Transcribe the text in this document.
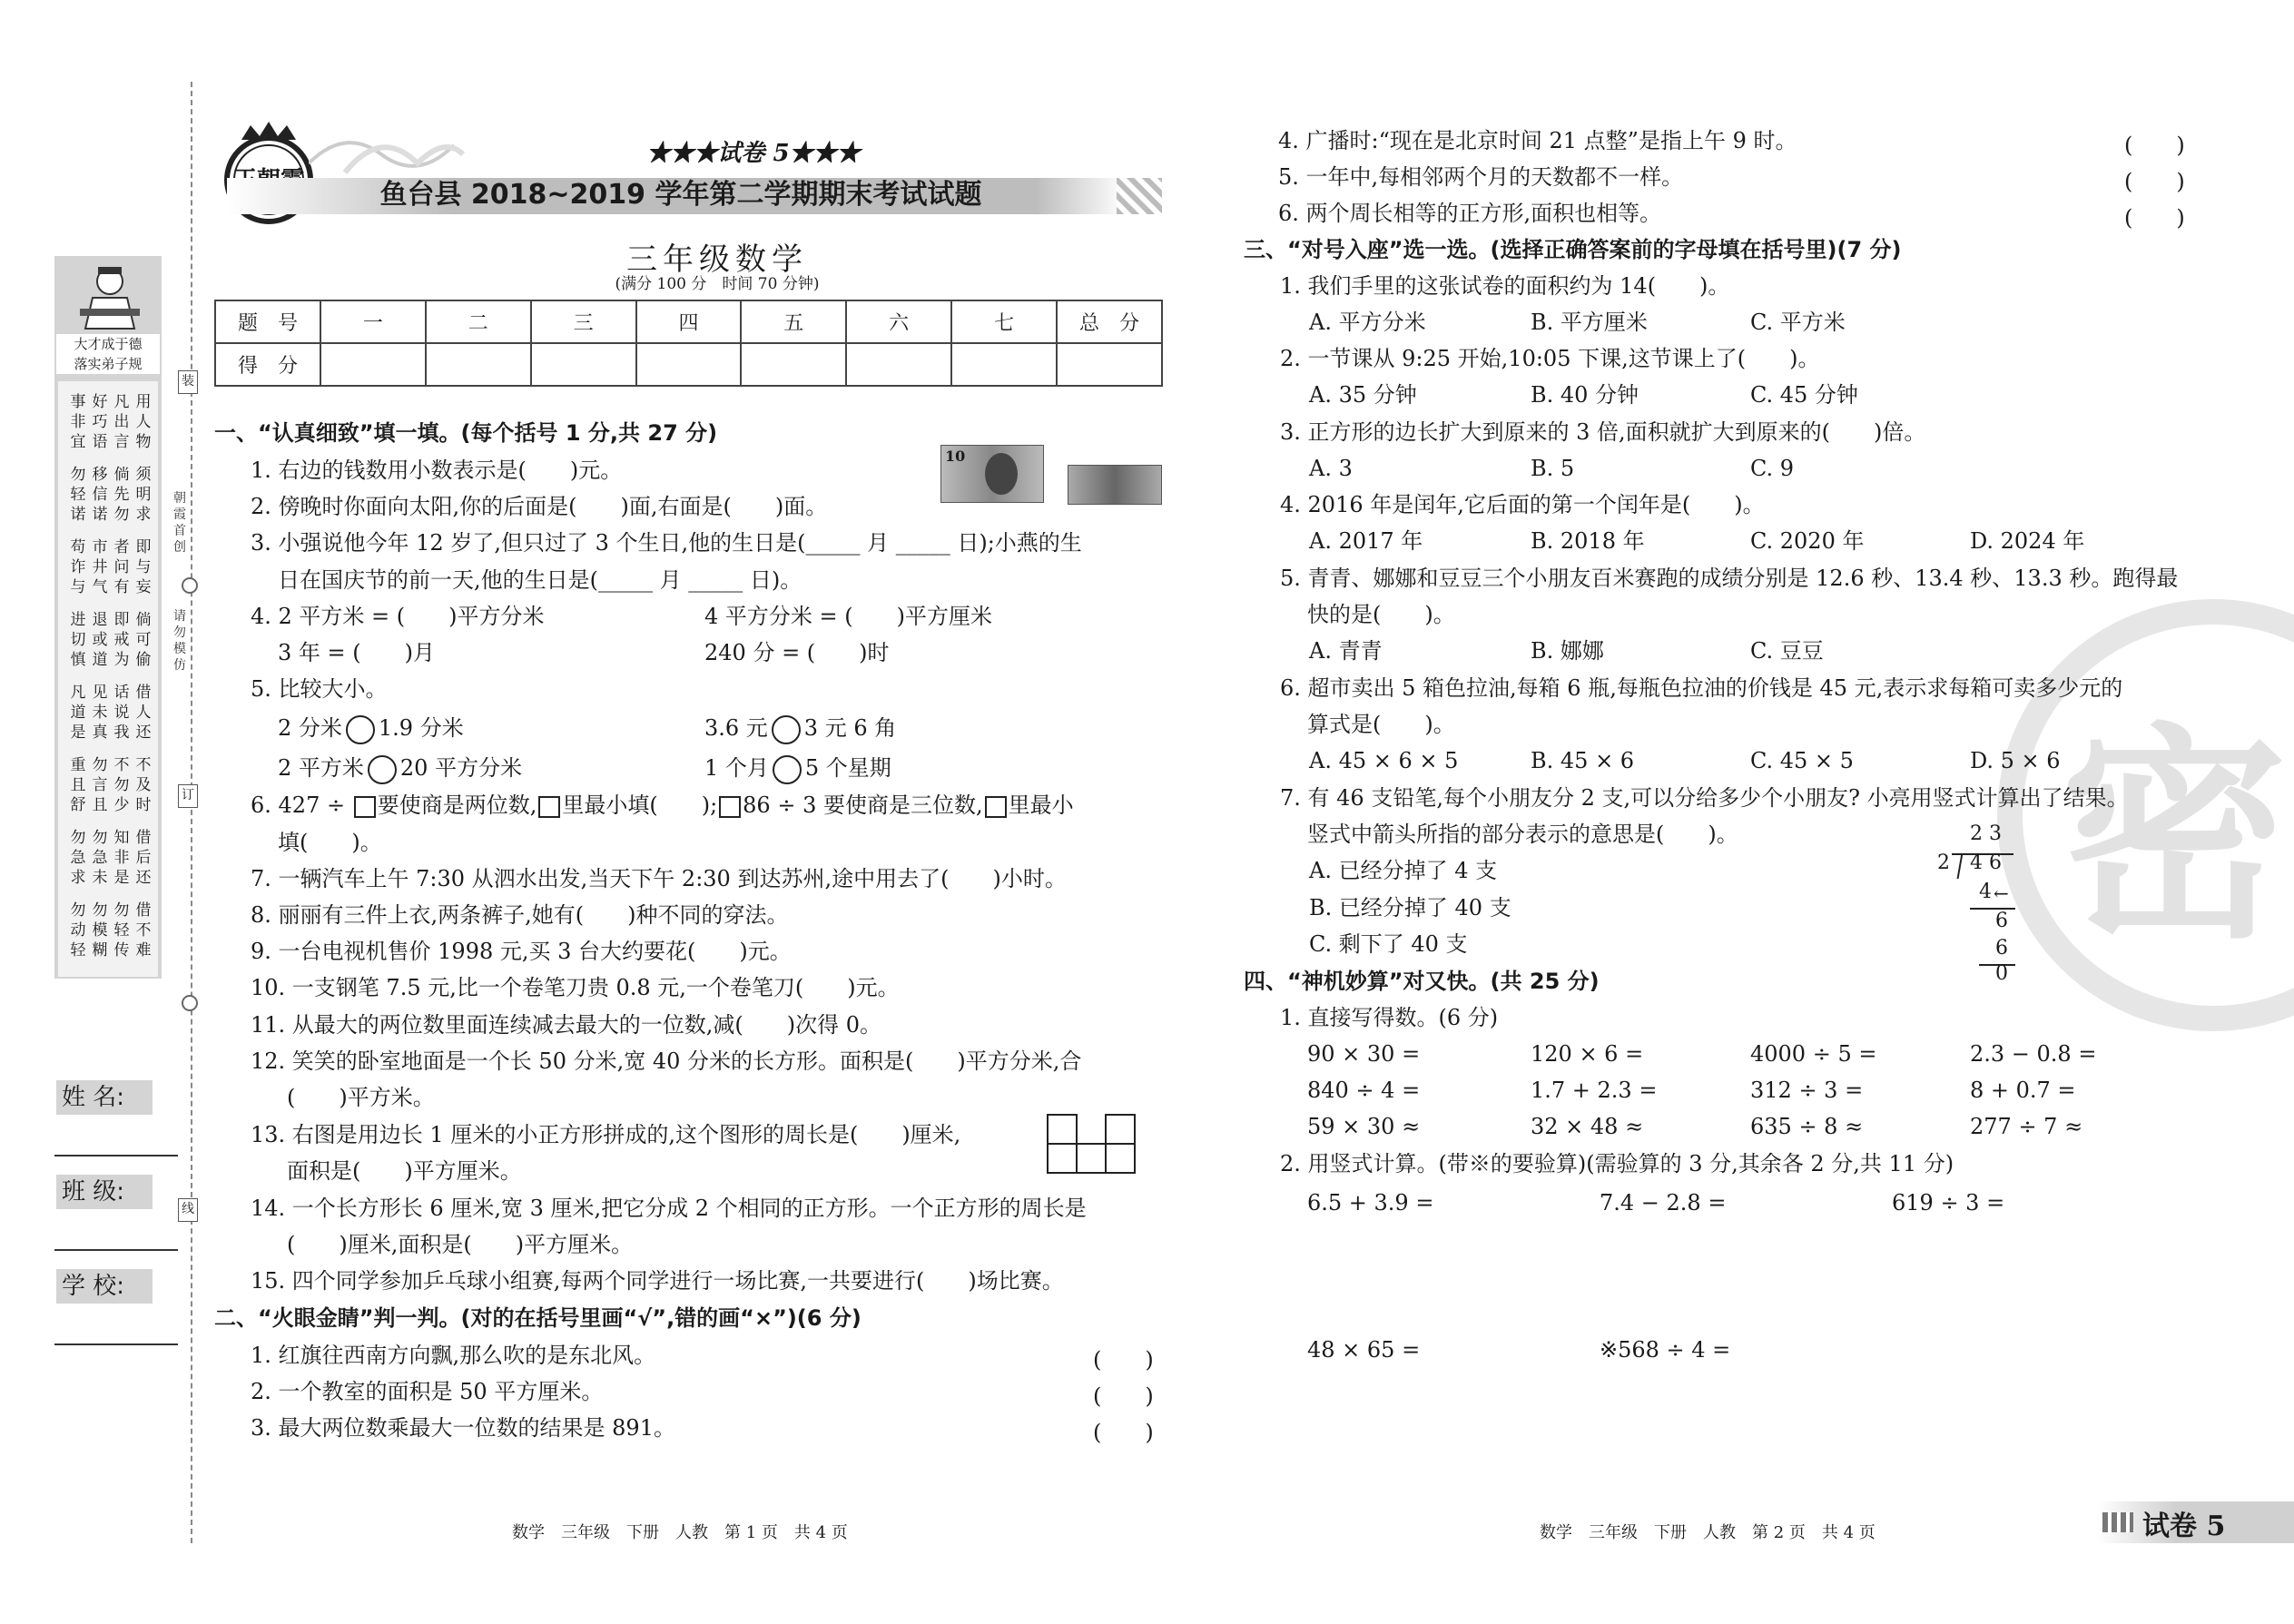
大才成于德
落实弟子规
用人物
凡出言
好巧语
事非宜
须明求
倘先勿
移信诺
勿轻诺
即与妄
者问有
市井气
苟诈与
倘可偷
即戒为
退或道
进切慎
借人还
话说我
见未真
凡道是
不及时
不勿少
勿言且
重且舒
借后还
知非是
勿急未
勿急求
借不难
勿轻传
勿模糊
勿动轻
朝霞首创
请勿模仿
装
订
线
姓 名:
班 级:
学 校:
★★★试卷 5★★★
鱼台县 2018~2019 学年第二学期期末考试试题
三年级数学
(满分 100 分　时间 70 分钟)
题　号	一	二	三	四	五	六	七	总　分
得　分								
一、“认真细致”填一填。(每个括号 1 分,共 27 分)
1. 右边的钱数用小数表示是(　　)元。
10
2. 傍晚时你面向太阳,你的后面是(　　)面,右面是(　　)面。
3. 小强说他今年 12 岁了,但只过了 3 个生日,他的生日是(_____ 月 _____ 日);小燕的生
日在国庆节的前一天,他的生日是(_____ 月 _____ 日)。
4. 2 平方米 = (　　)平方分米	4 平方分米 = (　　)平方厘米
3 年 = (　　)月	240 分 = (　　)时
5. 比较大小。
2 分米 1.9 分米	3.6 元 3 元 6 角
2 平方米 20 平方分米	1 个月 5 个星期
6. 427 ÷ 要使商是两位数, 里最小填(　　); 86 ÷ 3 要使商是三位数, 里最小
填(　　)。
7. 一辆汽车上午 7:30 从泗水出发,当天下午 2:30 到达苏州,途中用去了(　　)小时。
8. 丽丽有三件上衣,两条裤子,她有(　　)种不同的穿法。
9. 一台电视机售价 1998 元,买 3 台大约要花(　　)元。
10. 一支钢笔 7.5 元,比一个卷笔刀贵 0.8 元,一个卷笔刀(　　)元。
11. 从最大的两位数里面连续减去最大的一位数,减(　　)次得 0。
12. 笑笑的卧室地面是一个长 50 分米,宽 40 分米的长方形。面积是(　　)平方分米,合
(　　)平方米。
13. 右图是用边长 1 厘米的小正方形拼成的,这个图形的周长是(　　)厘米,
面积是(　　)平方厘米。
14. 一个长方形长 6 厘米,宽 3 厘米,把它分成 2 个相同的正方形。一个正方形的周长是
(　　)厘米,面积是(　　)平方厘米。
15. 四个同学参加乒乓球小组赛,每两个同学进行一场比赛,一共要进行(　　)场比赛。
二、“火眼金睛”判一判。(对的在括号里画“√”,错的画“×”)(6 分)
1. 红旗往西南方向飘,那么吹的是东北风。	(　　)
2. 一个教室的面积是 50 平方厘米。	(　　)
3. 最大两位数乘最大一位数的结果是 891。	(　　)
数学　三年级　下册　人教　第 1 页　共 4 页
密
4. 广播时:“现在是北京时间 21 点整”是指上午 9 时。	(　　)
5. 一年中,每相邻两个月的天数都不一样。	(　　)
6. 两个周长相等的正方形,面积也相等。	(　　)
三、“对号入座”选一选。(选择正确答案前的字母填在括号里)(7 分)
1. 我们手里的这张试卷的面积约为 14(　　)。
A. 平方分米	B. 平方厘米	C. 平方米
2. 一节课从 9:25 开始,10:05 下课,这节课上了(　　)。
A. 35 分钟	B. 40 分钟	C. 45 分钟
3. 正方形的边长扩大到原来的 3 倍,面积就扩大到原来的(　　)倍。
A. 3	B. 5	C. 9
4. 2016 年是闰年,它后面的第一个闰年是(　　)。
A. 2017 年	B. 2018 年	C. 2020 年	D. 2024 年
5. 青青、娜娜和豆豆三个小朋友百米赛跑的成绩分别是 12.6 秒、13.4 秒、13.3 秒。跑得最
快的是(　　)。
A. 青青	B. 娜娜	C. 豆豆
6. 超市卖出 5 箱色拉油,每箱 6 瓶,每瓶色拉油的价钱是 45 元,表示求每箱可卖多少元的
算式是(　　)。
A. 45 × 6 × 5	B. 45 × 6	C. 45 × 5	D. 5 × 6
7. 有 46 支铅笔,每个小朋友分 2 支,可以分给多少个小朋友? 小亮用竖式计算出了结果。
竖式中箭头所指的部分表示的意思是(　　)。
A. 已经分掉了 4 支
B. 已经分掉了 40 支
C. 剩下了 40 支
2 3
2 4 6
4 ←
6
6
0
四、“神机妙算”对又快。(共 25 分)
1. 直接写得数。(6 分)
90 × 30 =	120 × 6 =	4000 ÷ 5 =	2.3 − 0.8 =
840 ÷ 4 =	1.7 + 2.3 =	312 ÷ 3 =	8 + 0.7 =
59 × 30 ≈	32 × 48 ≈	635 ÷ 8 ≈	277 ÷ 7 ≈
2. 用竖式计算。(带※的要验算)(需验算的 3 分,其余各 2 分,共 11 分)
6.5 + 3.9 =	7.4 − 2.8 =	619 ÷ 3 =
48 × 65 =	※568 ÷ 4 =
数学　三年级　下册　人教　第 2 页　共 4 页	试卷 5
